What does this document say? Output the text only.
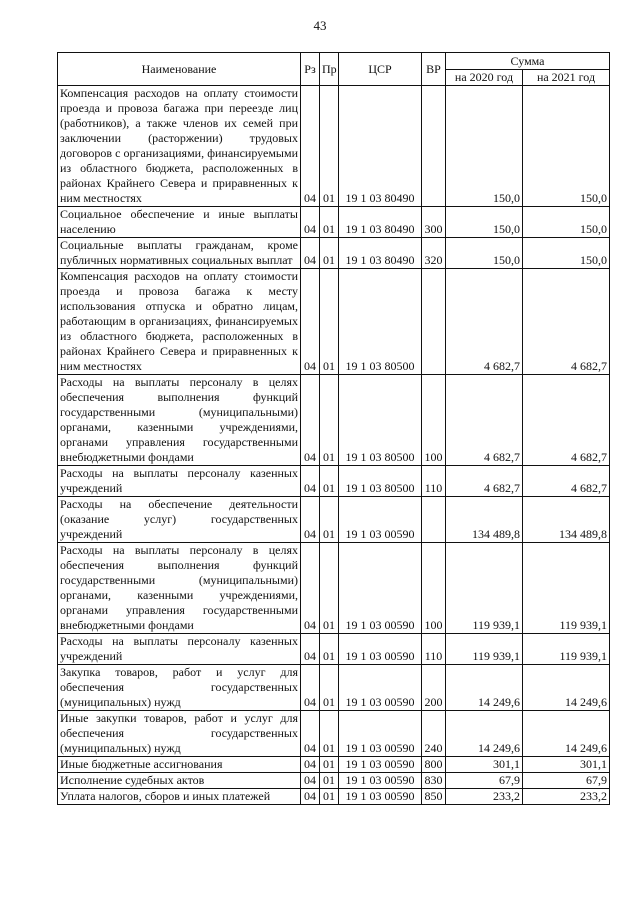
43
Наименование	Рз	Пр	ЦСР	ВР	Сумма	
					на 2020 год	на 2021 год
Компенсация расходов на оплату стоимости проезда и провоза багажа при переезде лиц (работников), а также членов их семей при заключении (расторжении) трудовых договоров с организациями, финансируемыми из областного бюджета, расположенных в районах Крайнего Севера и приравненных к ним местностях	04	01	19 1 03 80490		150,0	150,0
Социальное обеспечение и иные выплаты населению	04	01	19 1 03 80490	300	150,0	150,0
Социальные выплаты гражданам, кроме публичных нормативных социальных выплат	04	01	19 1 03 80490	320	150,0	150,0
Компенсация расходов на оплату стоимости проезда и провоза багажа к месту использования отпуска и обратно лицам, работающим в организациях, финансируемых из областного бюджета, расположенных в районах Крайнего Севера и приравненных к ним местностях	04	01	19 1 03 80500		4 682,7	4 682,7
Расходы на выплаты персоналу в целях обеспечения выполнения функций государственными (муниципальными) органами, казенными учреждениями, органами управления государственными внебюджетными фондами	04	01	19 1 03 80500	100	4 682,7	4 682,7
Расходы на выплаты персоналу казенных учреждений	04	01	19 1 03 80500	110	4 682,7	4 682,7
Расходы на обеспечение деятельности (оказание услуг) государственных учреждений	04	01	19 1 03 00590		134 489,8	134 489,8
Расходы на выплаты персоналу в целях обеспечения выполнения функций государственными (муниципальными) органами, казенными учреждениями, органами управления государственными внебюджетными фондами	04	01	19 1 03 00590	100	119 939,1	119 939,1
Расходы на выплаты персоналу казенных учреждений	04	01	19 1 03 00590	110	119 939,1	119 939,1
Закупка товаров, работ и услуг для обеспечения государственных (муниципальных) нужд	04	01	19 1 03 00590	200	14 249,6	14 249,6
Иные закупки товаров, работ и услуг для обеспечения государственных (муниципальных) нужд	04	01	19 1 03 00590	240	14 249,6	14 249,6
Иные бюджетные ассигнования	04	01	19 1 03 00590	800	301,1	301,1
Исполнение судебных актов	04	01	19 1 03 00590	830	67,9	67,9
Уплата налогов, сборов и иных платежей	04	01	19 1 03 00590	850	233,2	233,2
